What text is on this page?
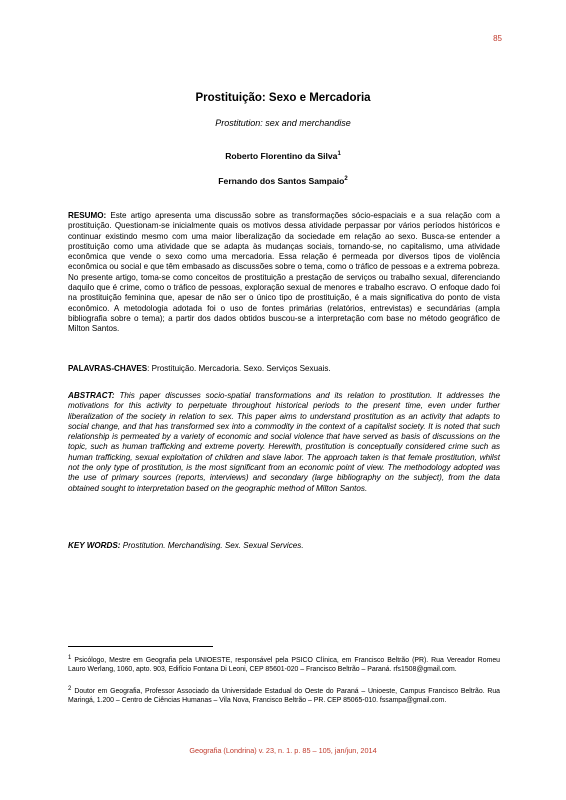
85
Prostituição: Sexo e Mercadoria
Prostitution: sex and merchandise
Roberto Florentino da Silva$^1$
Fernando dos Santos Sampaio$^2$
RESUMO: Este artigo apresenta uma discussão sobre as transformações sócio-espaciais e a sua relação com a prostituição. Questionam-se inicialmente quais os motivos dessa atividade perpassar por vários períodos históricos e continuar existindo mesmo com uma maior liberalização da sociedade em relação ao sexo. Busca-se entender a prostituição como uma atividade que se adapta às mudanças sociais, tornando-se, no capitalismo, uma atividade econômica que vende o sexo como uma mercadoria. Essa relação é permeada por diversos tipos de violência econômica ou social e que têm embasado as discussões sobre o tema, como o tráfico de pessoas e a extrema pobreza. No presente artigo, toma-se como conceitos de prostituição a prestação de serviços ou trabalho sexual, diferenciando daquilo que é crime, como o tráfico de pessoas, exploração sexual de menores e trabalho escravo. O enfoque dado foi na prostituição feminina que, apesar de não ser o único tipo de prostituição, é a mais significativa do ponto de vista econômico. A metodologia adotada foi o uso de fontes primárias (relatórios, entrevistas) e secundárias (ampla bibliografia sobre o tema); a partir dos dados obtidos buscou-se a interpretação com base no método geográfico de Milton Santos.
PALAVRAS-CHAVES: Prostituição. Mercadoria. Sexo. Serviços Sexuais.
ABSTRACT: This paper discusses socio-spatial transformations and its relation to prostitution. It addresses the motivations for this activity to perpetuate throughout historical periods to the present time, even under further liberalization of the society in relation to sex. This paper aims to understand prostitution as an activity that adapts to social change, and that has transformed sex into a commodity in the context of a capitalist society. It is noted that such relationship is permeated by a variety of economic and social violence that have served as basis of discussions on the topic, such as human trafficking and extreme poverty. Herewith, prostitution is conceptually considered crime such as human trafficking, sexual exploitation of children and slave labor. The approach taken is that female prostitution, whilst not the only type of prostitution, is the most significant from an economic point of view. The methodology adopted was the use of primary sources (reports, interviews) and secondary (large bibliography on the subject), from the data obtained sought to interpretation based on the geographic method of Milton Santos.
KEY WORDS: Prostitution. Merchandising. Sex. Sexual Services.
1 Psicólogo, Mestre em Geografia pela UNIOESTE, responsável pela PSICO Clínica, em Francisco Beltrão (PR). Rua Vereador Romeu Lauro Werlang, 1060, apto. 903, Edifício Fontana Di Leoni, CEP 85601-020 – Francisco Beltrão – Paraná. rfs1508@gmail.com.
2 Doutor em Geografia, Professor Associado da Universidade Estadual do Oeste do Paraná – Unioeste, Campus Francisco Beltrão. Rua Maringá, 1.200 – Centro de Ciências Humanas – Vila Nova, Francisco Beltrão – PR. CEP 85065-010. fssampa@gmail.com.
Geografia (Londrina) v. 23, n. 1. p. 85 – 105, jan/jun, 2014
